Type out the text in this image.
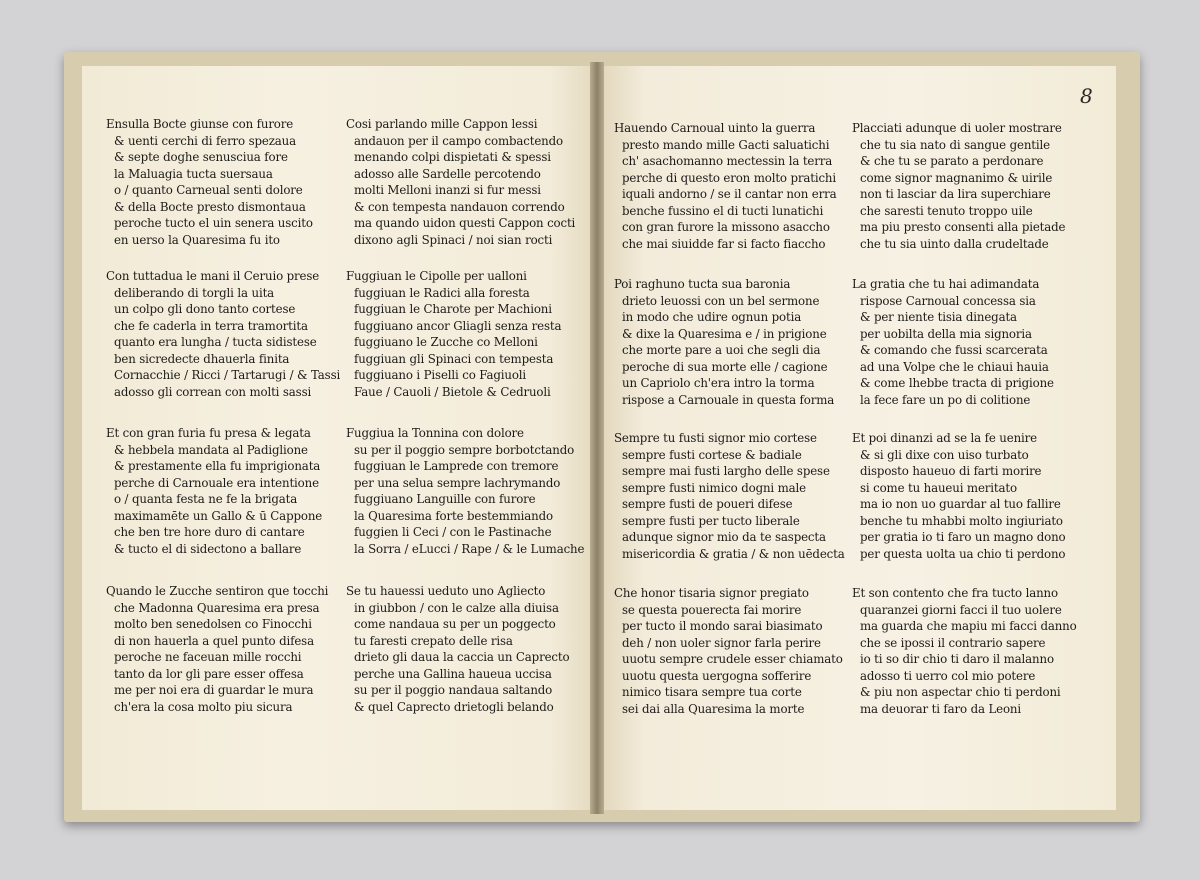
8
Ensulla Bocte giunse con furore
& uenti cerchi di ferro spezaua
& septe doghe senusciua fore
la Maluagia tucta suersaua
o / quanto Carneual senti dolore
& della Bocte presto dismontaua
peroche tucto el uin senera uscito
en uerso la Quaresima fu ito
Con tuttadua le mani il Ceruio prese
deliberando di torgli la uita
un colpo gli dono tanto cortese
che fe caderla in terra tramortita
quanto era lungha / tucta sidistese
ben sicredecte dhauerla finita
Cornacchie / Ricci / Tartarugi / & Tassi
adosso gli correan con molti sassi
Et con gran furia fu presa & legata
& hebbela mandata al Padiglione
& prestamente ella fu imprigionata
perche di Carnouale era intentione
o / quanta festa ne fe la brigata
maximamēte un Gallo & ū Cappone
che ben tre hore duro di cantare
& tucto el di sidectono a ballare
Quando le Zucche sentiron que tocchi
che Madonna Quaresima era presa
molto ben senedolsen co Finocchi
di non hauerla a quel punto difesa
peroche ne faceuan mille rocchi
tanto da lor gli pare esser offesa
me per noi era di guardar le mura
ch'era la cosa molto piu sicura
Cosi parlando mille Cappon lessi
andauon per il campo combactendo
menando colpi dispietati & spessi
adosso alle Sardelle percotendo
molti Melloni inanzi si fur messi
& con tempesta nandauon correndo
ma quando uidon questi Cappon cocti
dixono agli Spinaci / noi sian rocti
Fuggiuan le Cipolle per ualloni
fuggiuan le Radici alla foresta
fuggiuan le Charote per Machioni
fuggiuano ancor Gliagli senza resta
fuggiuano le Zucche co Melloni
fuggiuan gli Spinaci con tempesta
fuggiuano i Piselli co Fagiuoli
Faue / Cauoli / Bietole & Cedruoli
Fuggiua la Tonnina con dolore
su per il poggio sempre borbotctando
fuggiuan le Lamprede con tremore
per una selua sempre lachrymando
fuggiuano Languille con furore
la Quaresima forte bestemmiando
fuggien li Ceci / con le Pastinache
la Sorra / eLucci / Rape / & le Lumache
Se tu hauessi ueduto uno Agliecto
in giubbon / con le calze alla diuisa
come nandaua su per un poggecto
tu faresti crepato delle risa
drieto gli daua la caccia un Caprecto
perche una Gallina haueua uccisa
su per il poggio nandaua saltando
& quel Caprecto drietogli belando
Hauendo Carnoual uinto la guerra
presto mando mille Gacti saluatichi
ch' asachomanno mectessin la terra
perche di questo eron molto pratichi
iquali andorno / se il cantar non erra
benche fussino el di tucti lunatichi
con gran furore la missono asaccho
che mai siuidde far si facto fiaccho
Poi raghuno tucta sua baronia
drieto leuossi con un bel sermone
in modo che udire ognun potia
& dixe la Quaresima e / in prigione
che morte pare a uoi che segli dia
peroche di sua morte elle / cagione
un Capriolo ch'era intro la torma
rispose a Carnouale in questa forma
Sempre tu fusti signor mio cortese
sempre fusti cortese & badiale
sempre mai fusti largho delle spese
sempre fusti nimico dogni male
sempre fusti de poueri difese
sempre fusti per tucto liberale
adunque signor mio da te saspecta
misericordia & gratia / & non uēdecta
Che honor tisaria signor pregiato
se questa pouerecta fai morire
per tucto il mondo sarai biasimato
deh / non uoler signor farla perire
uuotu sempre crudele esser chiamato
uuotu questa uergogna sofferire
nimico tisara sempre tua corte
sei dai alla Quaresima la morte
Placciati adunque di uoler mostrare
che tu sia nato di sangue gentile
& che tu se parato a perdonare
come signor magnanimo & uirile
non ti lasciar da lira superchiare
che saresti tenuto troppo uile
ma piu presto consenti alla pietade
che tu sia uinto dalla crudeltade
La gratia che tu hai adimandata
rispose Carnoual concessa sia
& per niente tisia dinegata
per uobilta della mia signoria
& comando che fussi scarcerata
ad una Volpe che le chiaui hauia
& come lhebbe tracta di prigione
la fece fare un po di colitione
Et poi dinanzi ad se la fe uenire
& si gli dixe con uiso turbato
disposto haueuo di farti morire
si come tu haueui meritato
ma io non uo guardar al tuo fallire
benche tu mhabbi molto ingiuriato
per gratia io ti faro un magno dono
per questa uolta ua chio ti perdono
Et son contento che fra tucto lanno
quaranzei giorni facci il tuo uolere
ma guarda che mapiu mi facci danno
che se ipossi il contrario sapere
io ti so dir chio ti daro il malanno
adosso ti uerro col mio potere
& piu non aspectar chio ti perdoni
ma deuorar ti faro da Leoni
